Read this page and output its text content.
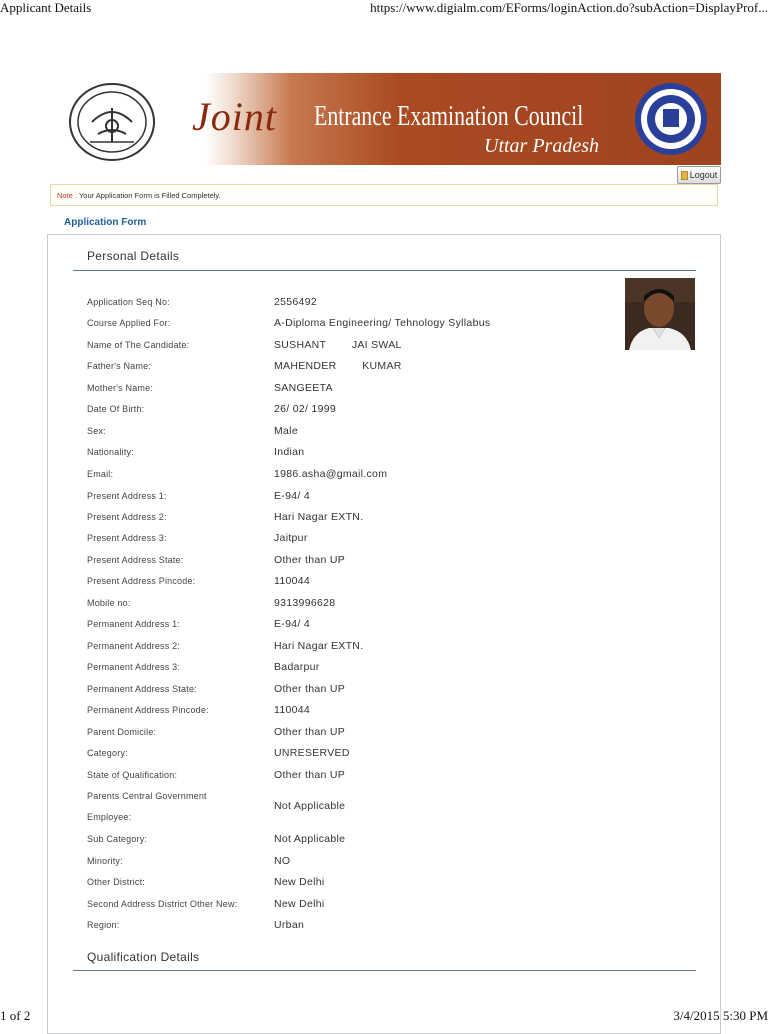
Applicant Details	https://www.digialm.com/EForms/loginAction.do?subAction=DisplayProf...
Joint Entrance Examination Council
Uttar Pradesh
Logout
Note : Your Application Form is Filled Completely.
Application Form
Personal Details
Application Seq No:	2556492
Course Applied For:	A-Diploma Engineering/ Tehnology Syllabus
Name of The Candidate:	SUSHANT        JAI SWAL
Father's Name:	MAHENDER        KUMAR
Mother's Name:	SANGEETA
Date Of Birth:	26/ 02/ 1999
Sex:	Male
Nationality:	Indian
Email:	1986.asha@gmail.com
Present Address 1:	E-94/ 4
Present Address 2:	Hari Nagar EXTN.
Present Address 3:	Jaitpur
Present Address State:	Other than UP
Present Address Pincode:	110044
Mobile no:	9313996628
Permanent Address 1:	E-94/ 4
Permanent Address 2:	Hari Nagar EXTN.
Permanent Address 3:	Badarpur
Permanent Address State:	Other than UP
Permanent Address Pincode:	110044
Parent Domicile:	Other than UP
Category:	UNRESERVED
State of Qualification:	Other than UP
Parents Central Government Employee:
Not Applicable
Sub Category:	Not Applicable
Minority:	NO
Other District:	New Delhi
Second Address District Other New:	New Delhi
Region:	Urban
Qualification Details
1 of 2	3/4/2015 5:30 PM
